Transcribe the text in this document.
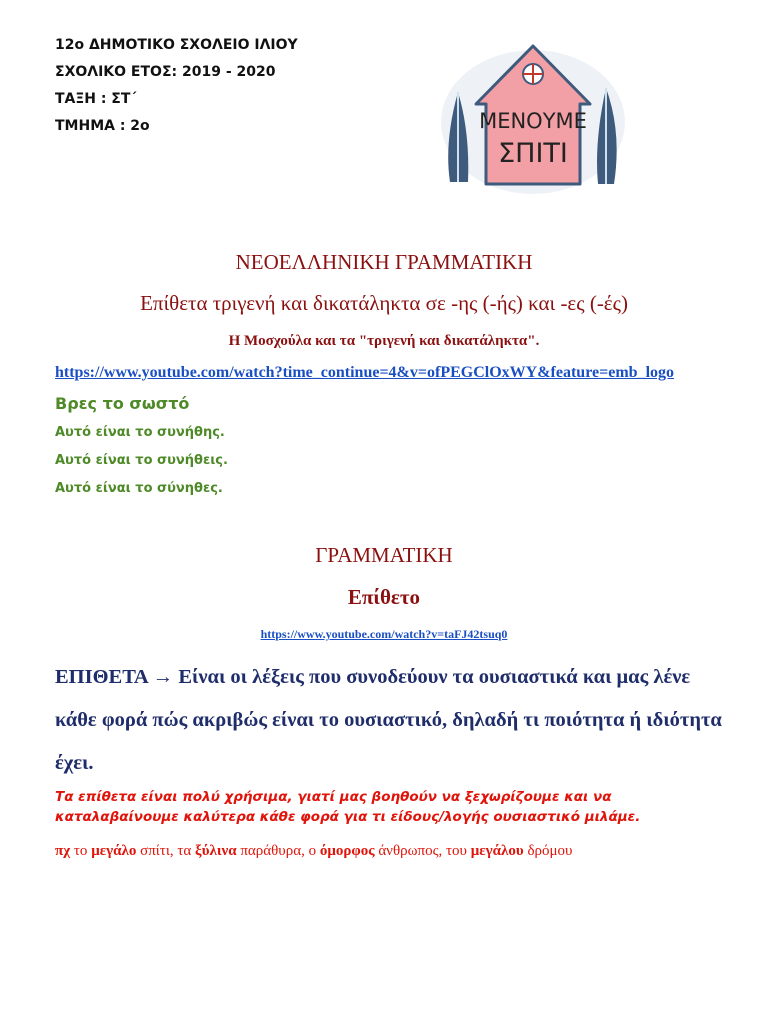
12ο ΔΗΜΟΤΙΚΟ ΣΧΟΛΕΙΟ ΙΛΙΟΥ
ΣΧΟΛΙΚΟ ΕΤΟΣ: 2019 - 2020
ΤΑΞΗ : ΣΤ΄
ΤΜΗΜΑ : 2ο	ΜΕΝΟΥΜΕ
ΣΠΙΤΙ
ΝΕΟΕΛΛΗΝΙΚΗ ΓΡΑΜΜΑΤΙΚΗ
Επίθετα τριγενή και δικατάληκτα σε -ης (-ής) και -ες (-ές)
Η Μοσχούλα και τα "τριγενή και δικατάληκτα".
https://www.youtube.com/watch?time_continue=4&v=ofPEGClOxWY&feature=emb_logo
Βρες το σωστό
Αυτό είναι το συνήθης.
Αυτό είναι το συνήθεις.
Αυτό είναι το σύνηθες.
ΓΡΑΜΜΑΤΙΚΗ
Επίθετο
https://www.youtube.com/watch?v=taFJ42tsuq0
ΕΠΙΘΕΤΑ → Είναι οι λέξεις που συνοδεύουν τα ουσιαστικά και μας λένε κάθε φορά πώς ακριβώς είναι το ουσιαστικό, δηλαδή τι ποιότητα ή ιδιότητα έχει.
Τα επίθετα είναι πολύ χρήσιμα, γιατί μας βοηθούν να ξεχωρίζουμε και να καταλαβαίνουμε καλύτερα κάθε φορά για τι είδους/λογής ουσιαστικό μιλάμε.
πχ το μεγάλο σπίτι, τα ξύλινα παράθυρα, ο όμορφος άνθρωπος, του μεγάλου δρόμου
